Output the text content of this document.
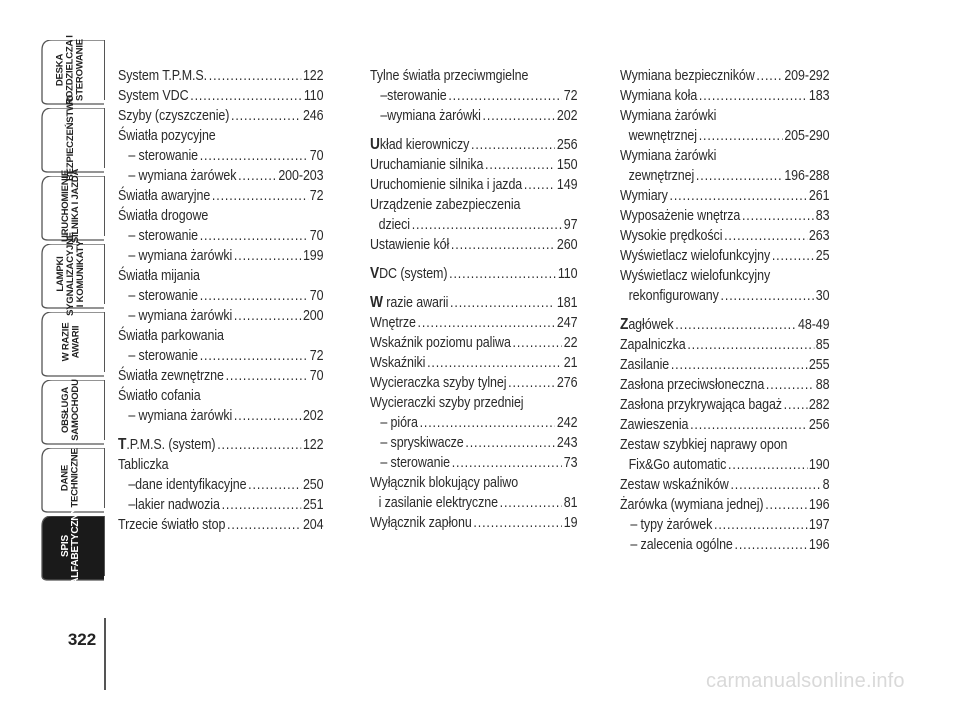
DESKA
ROZDZIELCZA I
STEROWANIE
BEZPIECZEŃSTWO
URUCHOMIENIE
SILNIKA I JAZDA
LAMPKI
SYGNALIZACYJNE
I KOMUNIKATY
W RAZIE
AWARII
OBSŁUGA
SAMOCHODU
DANE
TECHNICZNE
SPIS
ALFABETYCZNY
322
System T.P.M.S. .....	122
System VDC .....	110
Szyby (czyszczenie) .....	246
Światła pozycyjne
– sterowanie .....	70
– wymiana żarówek .....	200-203
Światła awaryjne .....	72
Światła drogowe
– sterowanie .....	70
– wymiana żarówki .....	199
Światła mijania
– sterowanie .....	70
– wymiana żarówki .....	200
Światła parkowania
– sterowanie .....	72
Światła zewnętrzne .....	70
Światło cofania
– wymiana żarówki .....	202
T.P.M.S. (system) .....	122
Tabliczka
–dane identyfikacyjne .....	250
–lakier nadwozia .....	251
Trzecie światło stop .....	204
Tylne światła przeciwmgielne
–sterowanie .....	72
–wymiana żarówki .....	202
Układ kierowniczy .....	256
Uruchamianie silnika .....	150
Uruchomienie silnika i jazda ..... 149
Urządzenie zabezpieczenia
dzieci .....	97
Ustawienie kół .....	260
VDC (system) .....	110
W razie awarii .....	181
Wnętrze .....	247
Wskaźnik poziomu paliwa .....	22
Wskaźniki .....	21
Wycieraczka szyby tylnej .....	276
Wycieraczki szyby przedniej
– pióra .....	242
– spryskiwacze .....	243
– sterowanie .....	73
Wyłącznik blokujący paliwo
i zasilanie elektryczne .....	81
Wyłącznik zapłonu .....	19
Wymiana bezpieczników ..... 209-292
Wymiana koła .....	183
Wymiana żarówki
wewnętrznej .....	205-290
Wymiana żarówki
zewnętrznej .....	196-288
Wymiary .....	261
Wyposażenie wnętrza .....	83
Wysokie prędkości .....	263
Wyświetlacz wielofunkcyjny .....	25
Wyświetlacz wielofunkcyjny
rekonfigurowany .....	30
Zagłówek .....	48-49
Zapalniczka .....	85
Zasilanie .....	255
Zasłona przeciwsłoneczna .....	88
Zasłona przykrywająca bagaż ..... 282
Zawieszenia .....	256
Zestaw szybkiej naprawy opon
Fix&Go automatic .....	190
Zestaw wskaźników .....	8
Żarówka (wymiana jednej) .....	196
– typy żarówek .....	197
– zalecenia ogólne .....	196
carmanualsonline.info
